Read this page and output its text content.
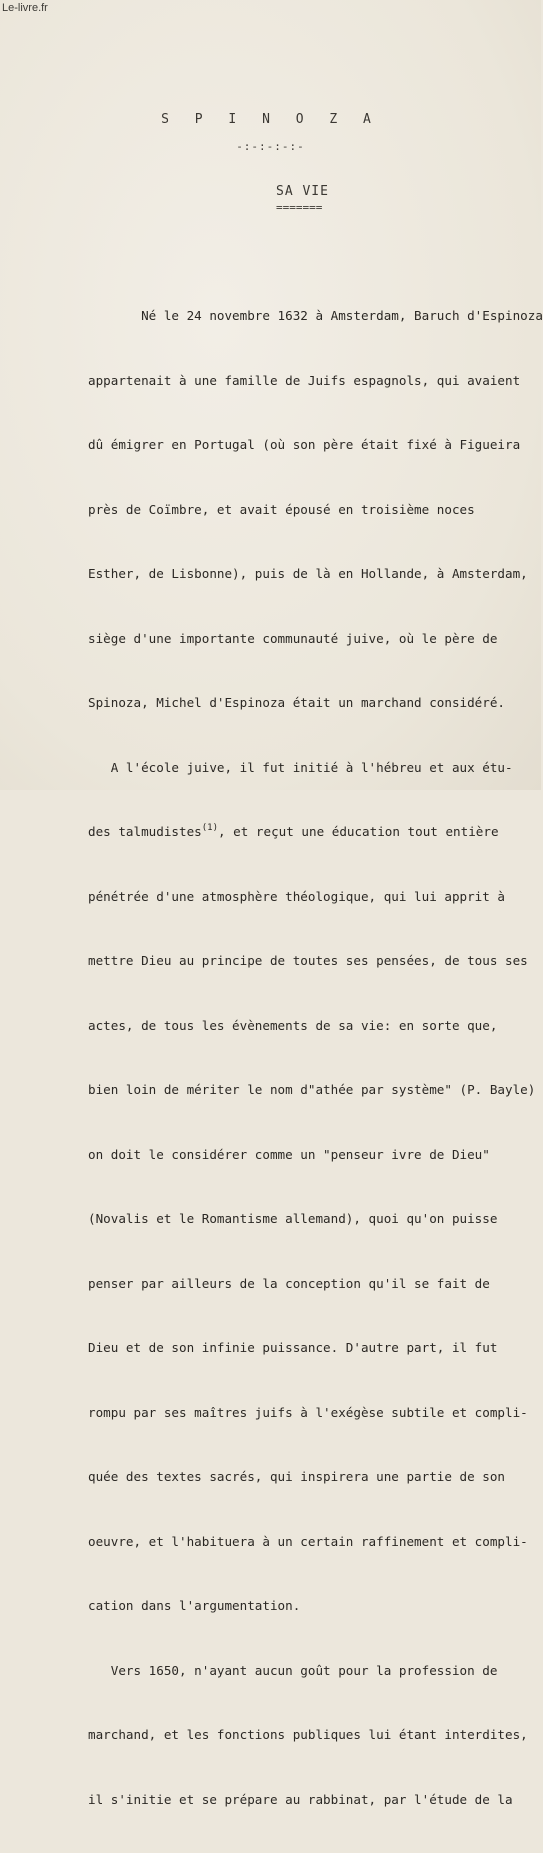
Le-livre.fr
S P I N O Z A
-:-:-:-:-
SA VIE
=======

Né le 24 novembre 1632 à Amsterdam, Baruch d'Espinoza

appartenait à une famille de Juifs espagnols, qui avaient

dû émigrer en Portugal (où son père était fixé à Figueira

près de Coïmbre, et avait épousé en troisième noces

Esther, de Lisbonne), puis de là en Hollande, à Amsterdam,

siège d'une importante communauté juive, où le père de

Spinoza, Michel d'Espinoza était un marchand considéré.

A l'école juive, il fut initié à l'hébreu et aux étu-

des talmudistes$^{(1)}$, et reçut une éducation tout entière

pénétrée d'une atmosphère théologique, qui lui apprit à

mettre Dieu au principe de toutes ses pensées, de tous ses

actes, de tous les évènements de sa vie: en sorte que,

bien loin de mériter le nom d"athée par système" (P. Bayle)

on doit le considérer comme un "penseur ivre de Dieu"

(Novalis et le Romantisme allemand), quoi qu'on puisse

penser par ailleurs de la conception qu'il se fait de

Dieu et de son infinie puissance. D'autre part, il fut

rompu par ses maîtres juifs à l'exégèse subtile et compli-

quée des textes sacrés, qui inspirera une partie de son

oeuvre, et l'habituera à un certain raffinement et compli-

cation dans l'argumentation.

Vers 1650, n'ayant aucun goût pour la profession de

marchand, et les fonctions publiques lui étant interdites,

il s'initie et se prépare au rabbinat, par l'étude de la
